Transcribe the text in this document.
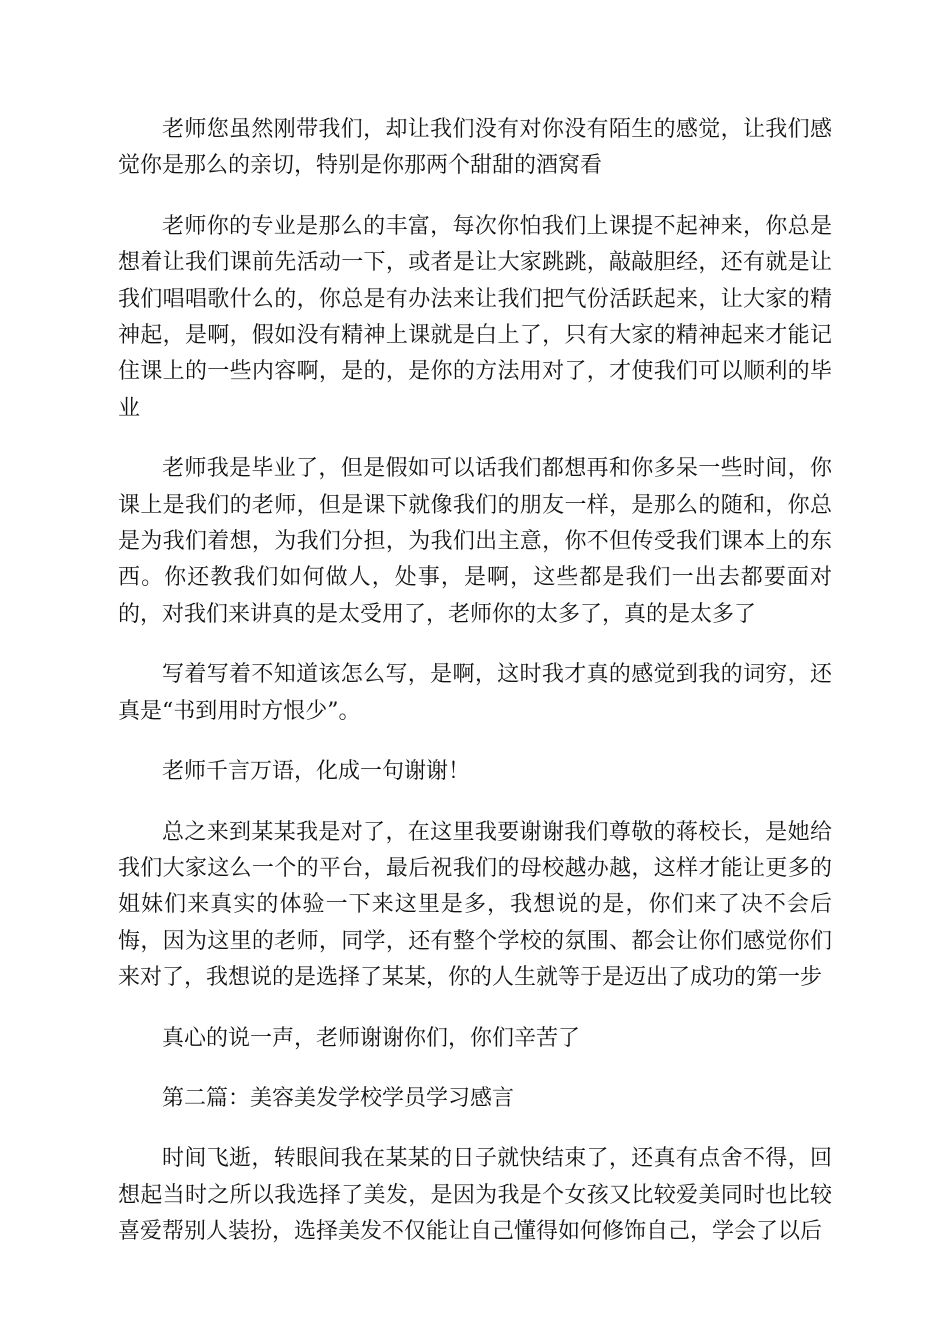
老师您虽然刚带我们，却让我们没有对你没有陌生的感觉，让我们感觉你是那么的亲切，特别是你那两个甜甜的酒窝看

老师你的专业是那么的丰富，每次你怕我们上课提不起神来，你总是想着让我们课前先活动一下，或者是让大家跳跳，敲敲胆经，还有就是让我们唱唱歌什么的，你总是有办法来让我们把气份活跃起来，让大家的精神起，是啊，假如没有精神上课就是白上了，只有大家的精神起来才能记住课上的一些内容啊，是的，是你的方法用对了，才使我们可以顺利的毕业

老师我是毕业了，但是假如可以话我们都想再和你多呆一些时间，你课上是我们的老师，但是课下就像我们的朋友一样，是那么的随和，你总是为我们着想，为我们分担，为我们出主意，你不但传受我们课本上的东西。你还教我们如何做人，处事，是啊，这些都是我们一出去都要面对的，对我们来讲真的是太受用了，老师你的太多了，真的是太多了

写着写着不知道该怎么写，是啊，这时我才真的感觉到我的词穷，还真是“书到用时方恨少”。

老师千言万语，化成一句谢谢！

总之来到某某我是对了，在这里我要谢谢我们尊敬的蒋校长，是她给我们大家这么一个的平台，最后祝我们的母校越办越，这样才能让更多的姐妹们来真实的体验一下来这里是多，我想说的是，你们来了决不会后悔，因为这里的老师，同学，还有整个学校的氛围、都会让你们感觉你们来对了，我想说的是选择了某某，你的人生就等于是迈出了成功的第一步

真心的说一声，老师谢谢你们，你们辛苦了

第二篇：美容美发学校学员学习感言

时间飞逝，转眼间我在某某的日子就快结束了，还真有点舍不得，回想起当时之所以我选择了美发，是因为我是个女孩又比较爱美同时也比较喜爱帮别人装扮，选择美发不仅能让自己懂得如何修饰自己，学会了以后
